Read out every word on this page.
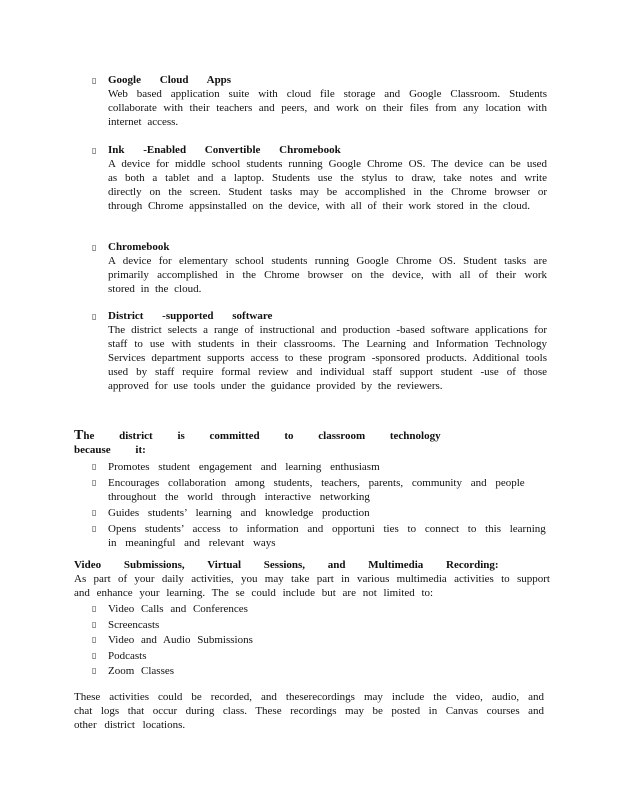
▯ Google Cloud Apps
Web based application suite with cloud file storage and Google Classroom. Students collaborate with their teachers and peers, and work on their files from any location with internet access.
▯ Ink -Enabled Convertible Chromebook
A device for middle school students running Google Chrome OS. The device can be used as both a tablet and a laptop. Students use the stylus to draw, take notes and write directly on the screen. Student tasks may be accomplished in the Chrome browser or through Chrome appsinstalled on the device, with all of their work stored in the cloud.
▯ Chromebook
A device for elementary school students running Google Chrome OS. Student tasks are primarily accomplished in the Chrome browser on the device, with all of their work stored in the cloud.
▯ District -supported software
The district selects a range of instructional and production -based software applications for staff to use with students in their classrooms. The Learning and Information Technology Services department supports access to these program -sponsored products. Additional tools used by staff require formal review and individual staff support student -use of those approved for use tools under the guidance provided by the reviewers.
The district is committed to classroom technology because it:
▯ Promotes student engagement and learning enthusiasm
▯ Encourages collaboration among students, teachers, parents, community and people throughout the world through interactive networking
▯ Guides students’ learning and knowledge production
▯ Opens students’ access to information and opportuni ties to connect to this learning in meaningful and relevant ways
Video Submissions, Virtual Sessions, and Multimedia Recording:
As part of your daily activities, you may take part in various multimedia activities to support and enhance your learning. The se could include but are not limited to:
▯ Video Calls and Conferences
▯ Screencasts
▯ Video and Audio Submissions
▯ Podcasts
▯ Zoom Classes
These activities could be recorded, and theserecordings may include the video, audio, and chat logs that occur during class. These recordings may be posted in Canvas courses and other district locations.
